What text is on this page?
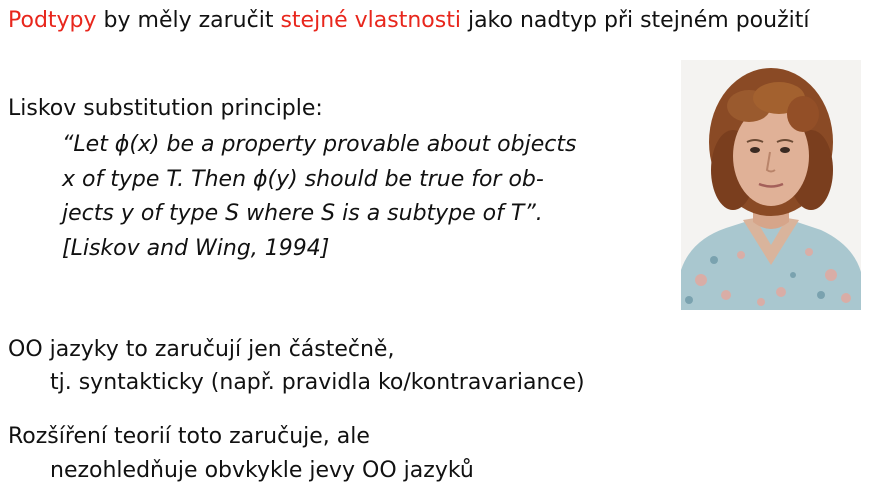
Podtypy by měly zaručit stejné vlastnosti jako nadtyp při stejném použití
Liskov substitution principle:
“Let ϕ(x) be a property provable about objects
x of type T. Then ϕ(y) should be true for ob-
jects y of type S where S is a subtype of T”.
[Liskov and Wing, 1994]
OO jazyky to zaručují jen částečně,
tj. syntakticky (např. pravidla ko/kontravariance)
Rozšíření teorií toto zaručuje, ale
nezohledňuje obvkykle jevy OO jazyků
